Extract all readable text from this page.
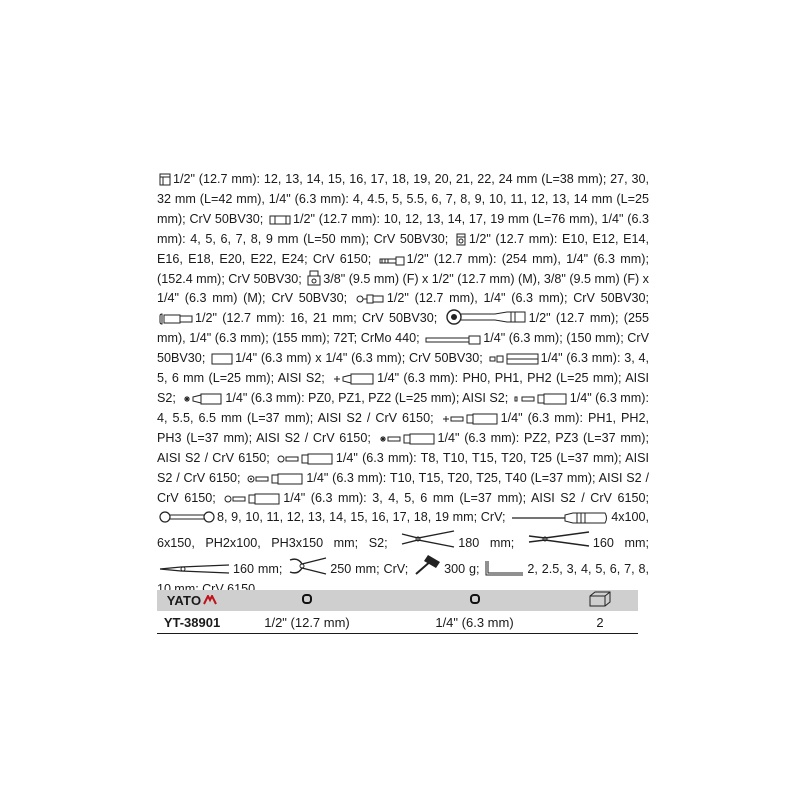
1/2" (12.7 mm): 12, 13, 14, 15, 16, 17, 18, 19, 20, 21, 22, 24 mm (L=38 mm); 27, 30, 32 mm (L=42 mm), 1/4" (6.3 mm): 4, 4.5, 5, 5.5, 6, 7, 8, 9, 10, 11, 12, 13, 14 mm (L=25 mm); CrV 50BV30; 1/2" (12.7 mm): 10, 12, 13, 14, 17, 19 mm (L=76 mm), 1/4" (6.3 mm): 4, 5, 6, 7, 8, 9 mm (L=50 mm); CrV 50BV30; 1/2" (12.7 mm): E10, E12, E14, E16, E18, E20, E22, E24; CrV 6150;	1/2" (12.7 mm): (254 mm), 1/4" (6.3 mm); (152.4 mm); CrV 50BV30; 3/8" (9.5 mm) (F) x 1/2" (12.7 mm) (M), 3/8" (9.5 mm) (F) x 1/4" (6.3 mm) (M); CrV 50BV30;	1/2" (12.7 mm), 1/4" (6.3 mm); CrV 50BV30;
1/2" (12.7 mm): 16, 21 mm; CrV 50BV30;	1/2" (12.7 mm); (255 mm), 1/4" (6.3 mm); (155 mm); 72T; CrMo 440;	1/4" (6.3 mm); (150 mm); CrV 50BV30; 1/4" (6.3 mm) x 1/4" (6.3 mm); CrV 50BV30;	1/4" (6.3 mm): 3, 4, 5, 6 mm (L=25 mm); AISI S2;	1/4" (6.3 mm): PH0, PH1, PH2 (L=25 mm); AISI S2;	1/4" (6.3 mm): PZ0, PZ1, PZ2 (L=25 mm); AISI S2;	1/4" (6.3 mm): 4, 5.5, 6.5 mm (L=37 mm); AISI S2 / CrV 6150;	1/4" (6.3 mm): PH1, PH2, PH3 (L=37 mm); AISI S2 / CrV 6150;	1/4" (6.3 mm): PZ2, PZ3 (L=37 mm); AISI S2 / CrV 6150;	1/4" (6.3 mm): T8, T10, T15, T20, T25 (L=37 mm); AISI S2 / CrV 6150;	1/4" (6.3 mm): T10, T15, T20, T25, T40 (L=37 mm); AISI S2 / CrV 6150;	1/4" (6.3 mm): 3, 4, 5, 6 mm (L=37 mm); AISI S2 / CrV 6150;
8, 9, 10, 11, 12, 13, 14, 15, 16, 17, 18, 19 mm; CrV;	4x100, 6x150, PH2x100, PH3x150 mm; S2;	180 mm;	160 mm;
160 mm;	250 mm; CrV;	300 g;	2, 2.5, 3, 4, 5, 6, 7, 8,
YATO

YT-38901	1/2" (12.7 mm)	1/4" (6.3 mm)	2
